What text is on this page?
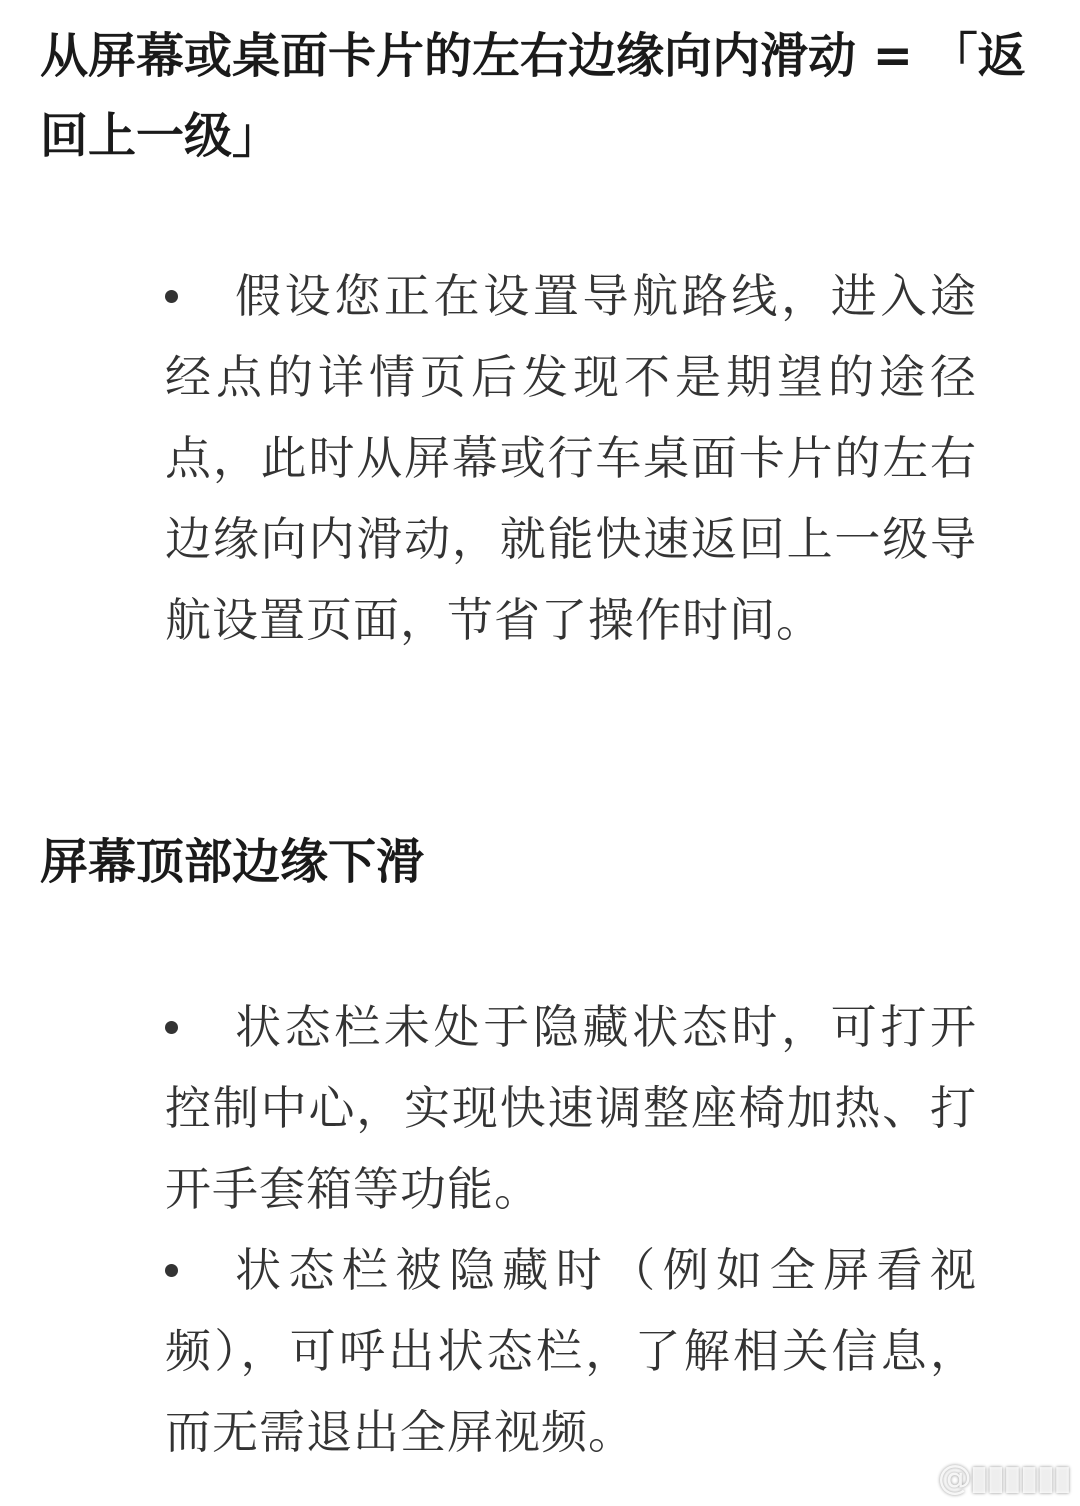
从屏幕或桌面卡片的左右边缘向内滑动 = 「返回上一级」
假设您正在设置导航路线，进入途经点的详情页后发现不是期望的途径点，此时从屏幕或行车桌面卡片的左右边缘向内滑动，就能快速返回上一级导航设置页面，节省了操作时间。
屏幕顶部边缘下滑
状态栏未处于隐藏状态时，可打开控制中心，实现快速调整座椅加热、打开手套箱等功能。
状态栏被隐藏时（例如全屏看视频），可呼出状态栏，了解相关信息，而无需退出全屏视频。
@▮▮▮▮▮▮
